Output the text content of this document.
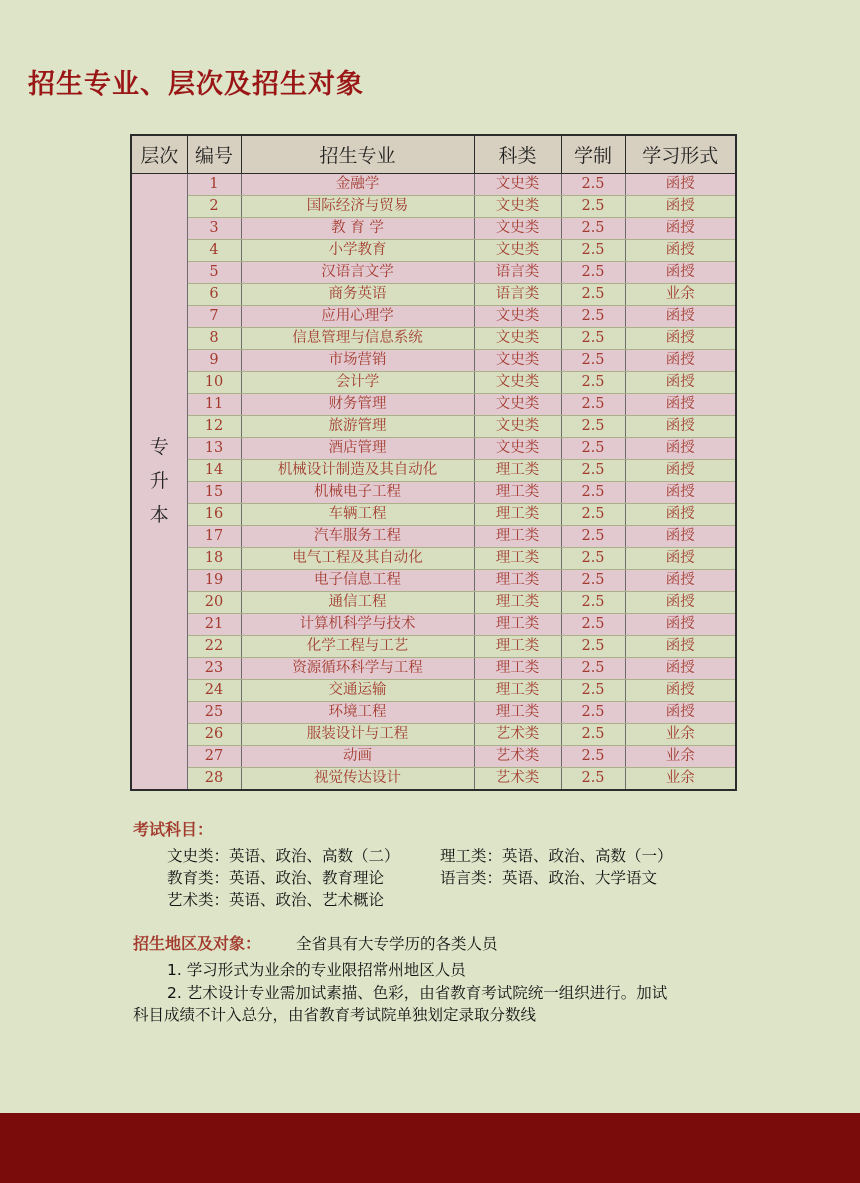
招生专业、层次及招生对象
层次	编号	招生专业	科类	学制	学习形式

专
升
本	1	金融学	文史类	2.5	函授
	2	国际经济与贸易	文史类	2.5	函授
	3	教 育 学	文史类	2.5	函授
	4	小学教育	文史类	2.5	函授
	5	汉语言文学	语言类	2.5	函授
	6	商务英语	语言类	2.5	业余
	7	应用心理学	文史类	2.5	函授
	8	信息管理与信息系统	文史类	2.5	函授
	9	市场营销	文史类	2.5	函授
	10	会计学	文史类	2.5	函授
	11	财务管理	文史类	2.5	函授
	12	旅游管理	文史类	2.5	函授
	13	酒店管理	文史类	2.5	函授
	14	机械设计制造及其自动化	理工类	2.5	函授
	15	机械电子工程	理工类	2.5	函授
	16	车辆工程	理工类	2.5	函授
	17	汽车服务工程	理工类	2.5	函授
	18	电气工程及其自动化	理工类	2.5	函授
	19	电子信息工程	理工类	2.5	函授
	20	通信工程	理工类	2.5	函授
	21	计算机科学与技术	理工类	2.5	函授
	22	化学工程与工艺	理工类	2.5	函授
	23	资源循环科学与工程	理工类	2.5	函授
	24	交通运输	理工类	2.5	函授
	25	环境工程	理工类	2.5	函授
	26	服装设计与工程	艺术类	2.5	业余
	27	动画	艺术类	2.5	业余
	28	视觉传达设计	艺术类	2.5	业余
考试科目：
文史类：英语、政治、高数（二）	理工类：英语、政治、高数（一）
教育类：英语、政治、教育理论	语言类：英语、政治、大学语文
艺术类：英语、政治、艺术概论
招生地区及对象： 全省具有大专学历的各类人员
1. 学习形式为业余的专业限招常州地区人员
2. 艺术设计专业需加试素描、色彩，由省教育考试院统一组织进行。加试
科目成绩不计入总分，由省教育考试院单独划定录取分数线
